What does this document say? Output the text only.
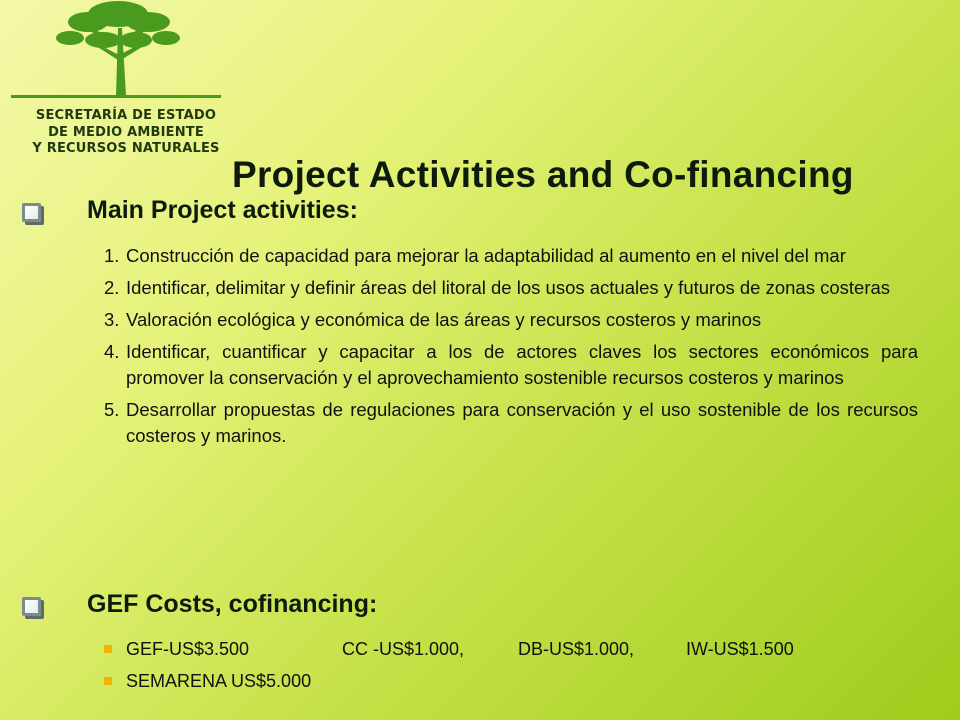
SECRETARÍA DE ESTADO
DE MEDIO AMBIENTE
Y RECURSOS NATURALES
Project Activities and Co-financing
Main Project activities:
1. Construcción de capacidad para mejorar la adaptabilidad al aumento en el nivel del mar
2. Identificar, delimitar y definir áreas del litoral de los usos actuales y futuros de zonas costeras
3. Valoración ecológica y económica de las áreas y recursos costeros y marinos
4. Identificar, cuantificar y capacitar a los de actores claves los sectores económicos para promover la conservación y el aprovechamiento sostenible recursos costeros y marinos
5. Desarrollar propuestas de regulaciones para conservación y el uso sostenible de los recursos costeros y marinos.
GEF Costs, cofinancing:
GEF-US$3.500	CC -US$1.000,	DB-US$1.000,	IW-US$1.500
SEMARENA US$5.000
